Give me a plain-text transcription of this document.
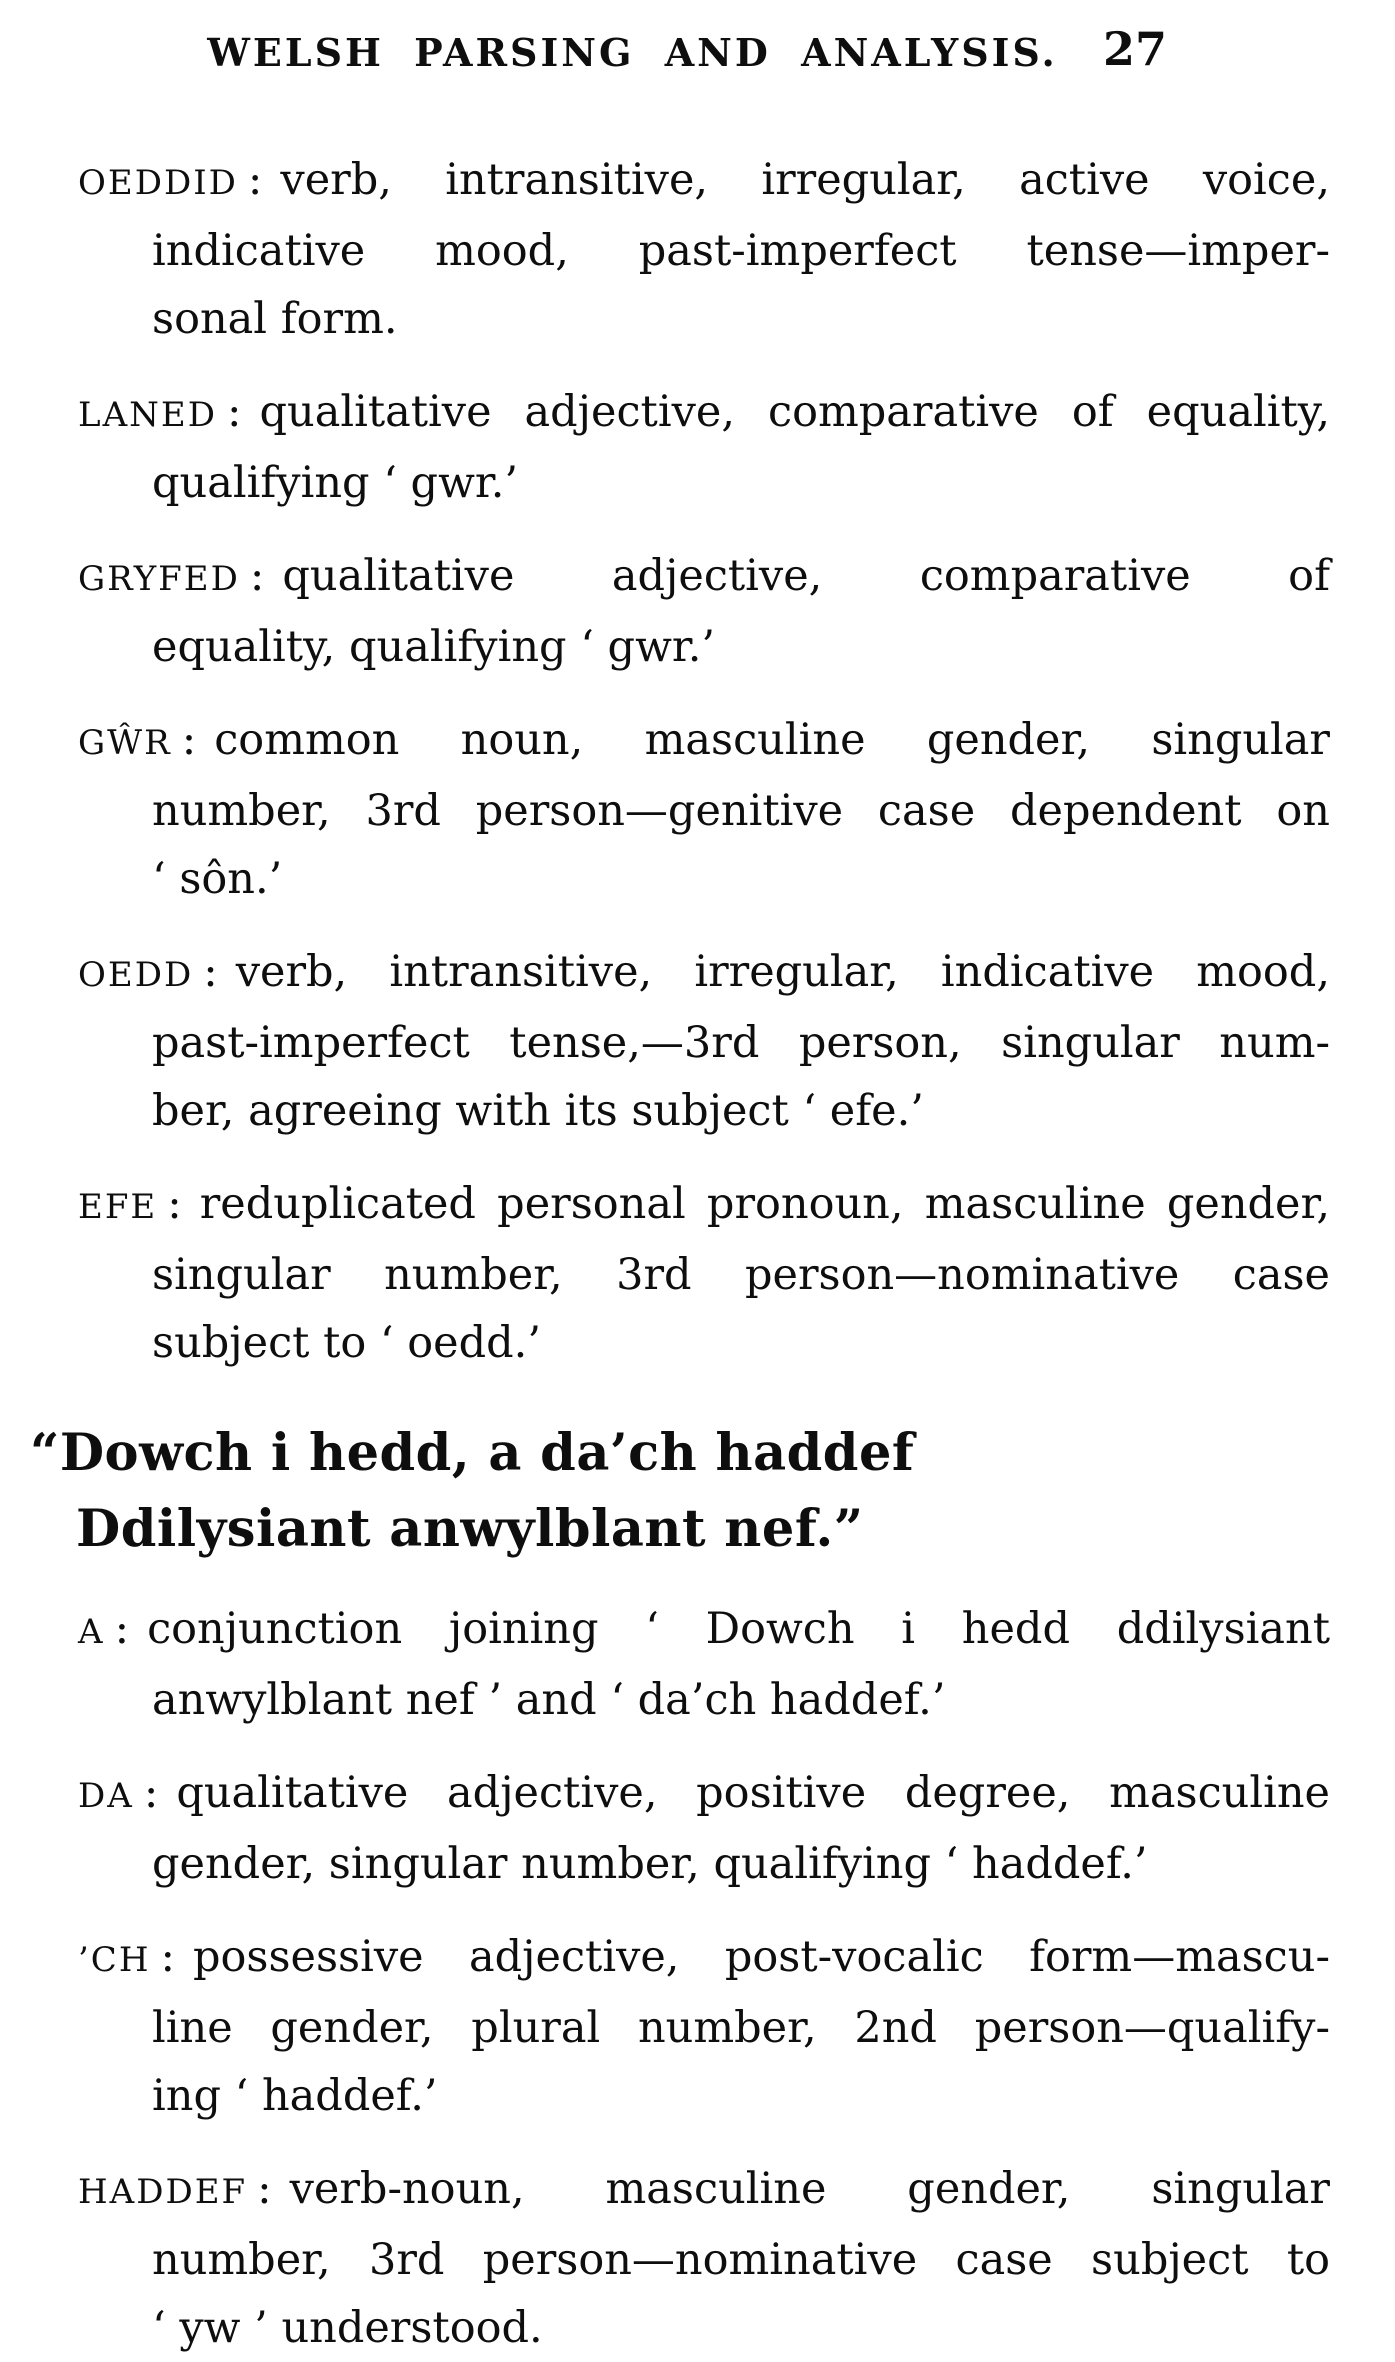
WELSH PARSING AND ANALYSIS. 27
OEDDID : verb, intransitive, irregular, active voice,
indicative mood, past-imperfect tense—imper-
sonal form.
LANED : qualitative adjective, comparative of equality,
qualifying ‘ gwr.’
GRYFED : qualitative adjective, comparative of
equality, qualifying ‘ gwr.’
GŴR : common noun, masculine gender, singular
number, 3rd person—genitive case dependent on
‘ sôn.’
OEDD : verb, intransitive, irregular, indicative mood,
past-imperfect tense,—3rd person, singular num-
ber, agreeing with its subject ‘ efe.’
EFE : reduplicated personal pronoun, masculine gender,
singular number, 3rd person—nominative case
subject to ‘ oedd.’
“Dowch i hedd, a da’ch haddef
Ddilysiant anwylblant nef.”
A : conjunction joining ‘ Dowch i hedd ddilysiant
anwylblant nef ’ and ‘ da’ch haddef.’
DA : qualitative adjective, positive degree, masculine
gender, singular number, qualifying ‘ haddef.’
’CH : possessive adjective, post-vocalic form—mascu-
line gender, plural number, 2nd person—qualify-
ing ‘ haddef.’
HADDEF : verb-noun, masculine gender, singular
number, 3rd person—nominative case subject to
‘ yw ’ understood.
